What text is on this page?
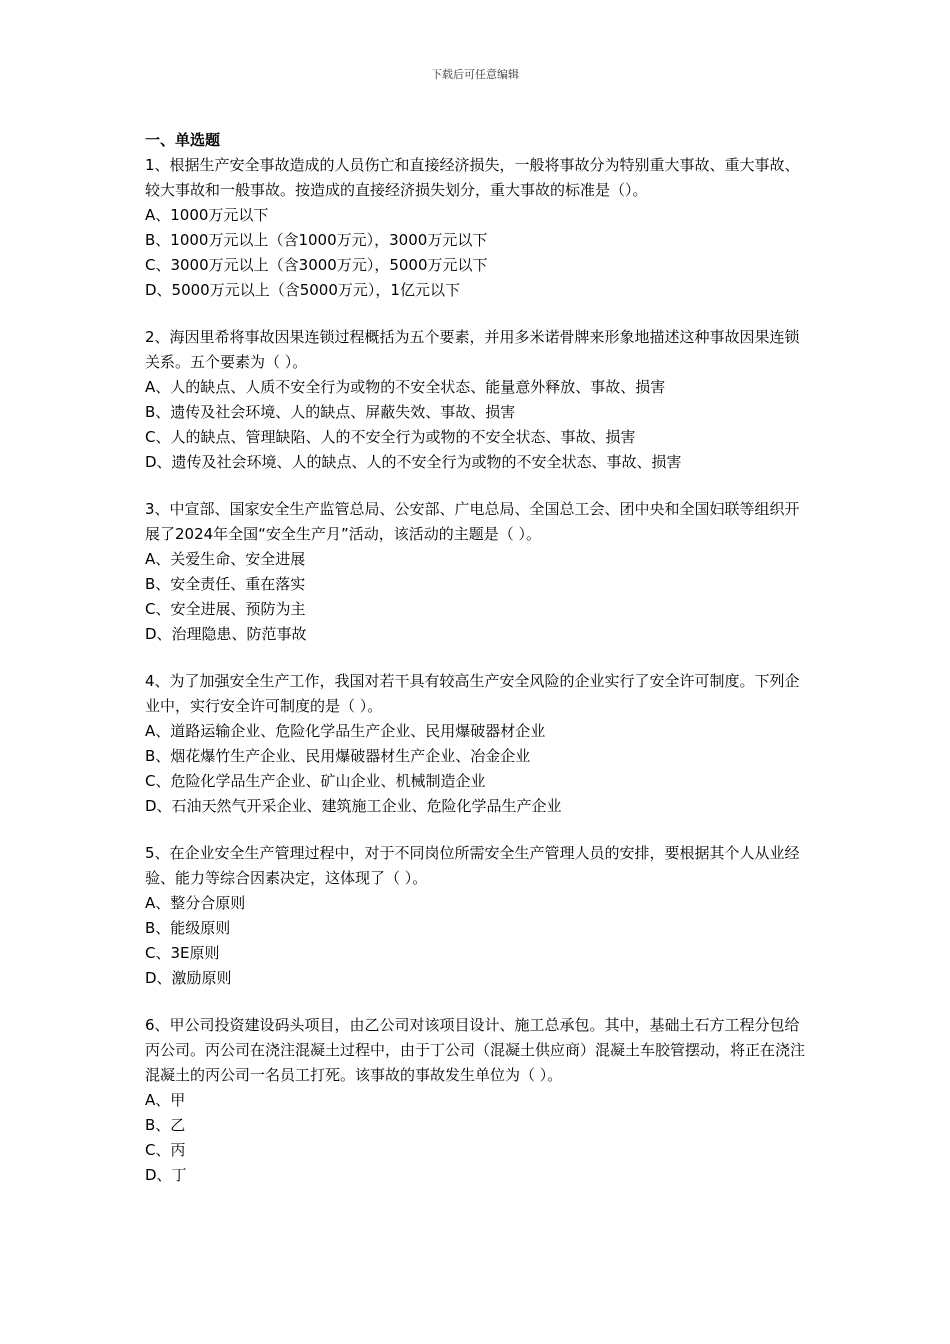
下载后可任意编辑

一、单选题

1、根据生产安全事故造成的人员伤亡和直接经济损失，一般将事故分为特别重大事故、重大事故、较大事故和一般事故。按造成的直接经济损失划分，重大事故的标准是（）。

A、1000万元以下

B、1000万元以上（含1000万元），3000万元以下

C、3000万元以上（含3000万元），5000万元以下

D、5000万元以上（含5000万元），1亿元以下

2、海因里希将事故因果连锁过程概括为五个要素，并用多米诺骨牌来形象地描述这种事故因果连锁关系。五个要素为（ ）。

A、人的缺点、人质不安全行为或物的不安全状态、能量意外释放、事故、损害

B、遗传及社会环境、人的缺点、屏蔽失效、事故、损害

C、人的缺点、管理缺陷、人的不安全行为或物的不安全状态、事故、损害

D、遗传及社会环境、人的缺点、人的不安全行为或物的不安全状态、事故、损害

3、中宣部、国家安全生产监管总局、公安部、广电总局、全国总工会、团中央和全国妇联等组织开展了2024年全国“安全生产月”活动，该活动的主题是（ ）。

A、关爱生命、安全进展

B、安全责任、重在落实

C、安全进展、预防为主

D、治理隐患、防范事故

4、为了加强安全生产工作，我国对若干具有较高生产安全风险的企业实行了安全许可制度。下列企业中，实行安全许可制度的是（ ）。

A、道路运输企业、危险化学品生产企业、民用爆破器材企业

B、烟花爆竹生产企业、民用爆破器材生产企业、冶金企业

C、危险化学品生产企业、矿山企业、机械制造企业

D、石油天然气开采企业、建筑施工企业、危险化学品生产企业

5、在企业安全生产管理过程中，对于不同岗位所需安全生产管理人员的安排，要根据其个人从业经验、能力等综合因素决定，这体现了（ ）。

A、整分合原则

B、能级原则

C、3E原则

D、激励原则

6、甲公司投资建设码头项目，由乙公司对该项目设计、施工总承包。其中，基础土石方工程分包给丙公司。丙公司在浇注混凝土过程中，由于丁公司（混凝土供应商）混凝土车胶管摆动，将正在浇注混凝土的丙公司一名员工打死。该事故的事故发生单位为（ ）。

A、甲

B、乙

C、丙

D、丁
